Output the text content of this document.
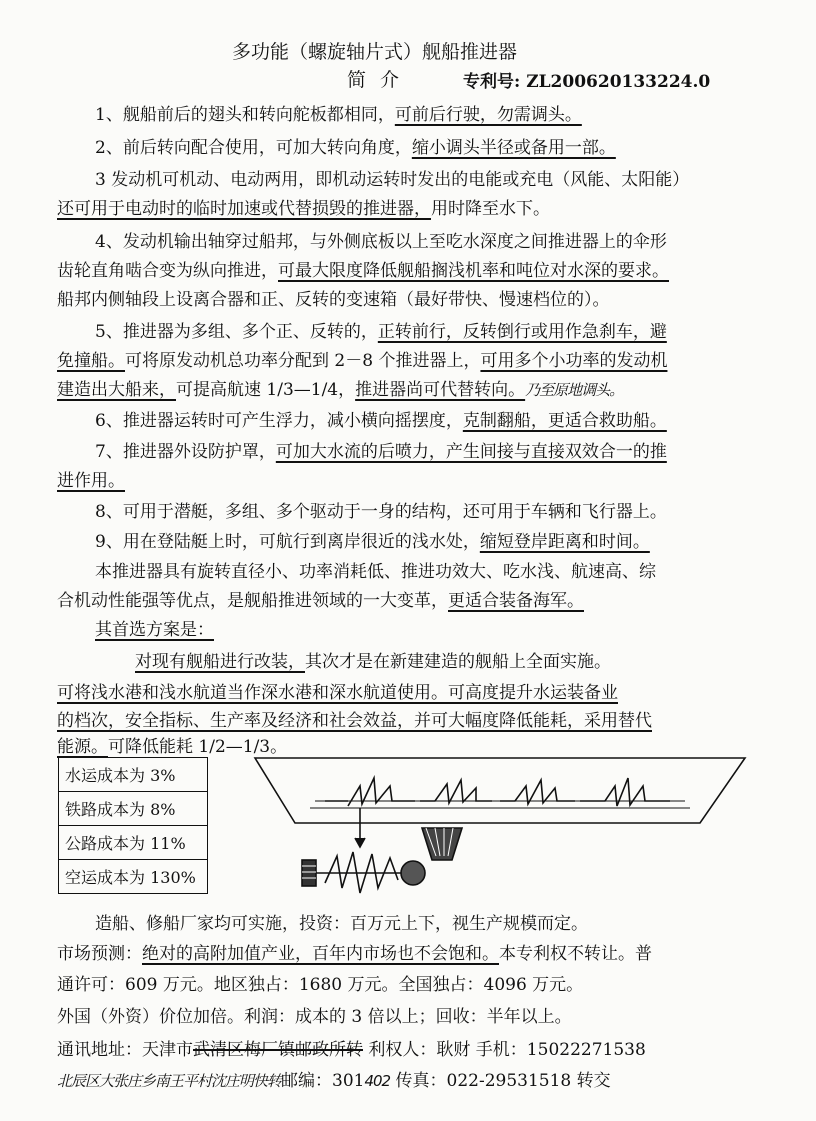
多功能（螺旋轴片式）舰船推进器
简 介	专利号: ZL200620133224.0
1、舰船前后的翅头和转向舵板都相同，可前后行驶，勿需调头。
2、前后转向配合使用，可加大转向角度，缩小调头半径或备用一部。
3 发动机可机动、电动两用，即机动运转时发出的电能或充电（风能、太阳能）
还可用于电动时的临时加速或代替损毁的推进器，用时降至水下。
4、发动机输出轴穿过船邦，与外侧底板以上至吃水深度之间推进器上的伞形
齿轮直角啮合变为纵向推进，可最大限度降低舰船搁浅机率和吨位对水深的要求。
船邦内侧轴段上设离合器和正、反转的变速箱（最好带快、慢速档位的）。
5、推进器为多组、多个正、反转的，正转前行，反转倒行或用作急刹车，避
免撞船。可将原发动机总功率分配到 2－8 个推进器上，可用多个小功率的发动机
建造出大船来，可提高航速 1/3—1/4，推进器尚可代替转向。乃至原地调头。
6、推进器运转时可产生浮力，减小横向摇摆度，克制翻船，更适合救助船。
7、推进器外设防护罩，可加大水流的后喷力，产生间接与直接双效合一的推
进作用。
8、可用于潜艇，多组、多个驱动于一身的结构，还可用于车辆和飞行器上。
9、用在登陆艇上时，可航行到离岸很近的浅水处，缩短登岸距离和时间。
本推进器具有旋转直径小、功率消耗低、推进功效大、吃水浅、航速高、综
合机动性能强等优点，是舰船推进领域的一大变革，更适合装备海军。
其首选方案是：
对现有舰船进行改装，其次才是在新建建造的舰船上全面实施。
可将浅水港和浅水航道当作深水港和深水航道使用。可高度提升水运装备业
的档次，安全指标、生产率及经济和社会效益，并可大幅度降低能耗，采用替代
能源。可降低能耗 1/2—1/3。
水运成本为 3%
铁路成本为 8%
公路成本为 11%
空运成本为 130%
造船、修船厂家均可实施，投资：百万元上下，视生产规模而定。
市场预测：绝对的高附加值产业，百年内市场也不会饱和。本专利权不转让。普
通许可：609 万元。地区独占：1680 万元。全国独占：4096 万元。
外国（外资）价位加倍。利润：成本的 3 倍以上；回收：半年以上。
通讯地址：天津市武清区梅厂镇邮政所转 利权人：耿财 手机：15022271538
北辰区大张庄乡南王平村沈庄明快转邮编：301402 传真：022-29531518 转交
